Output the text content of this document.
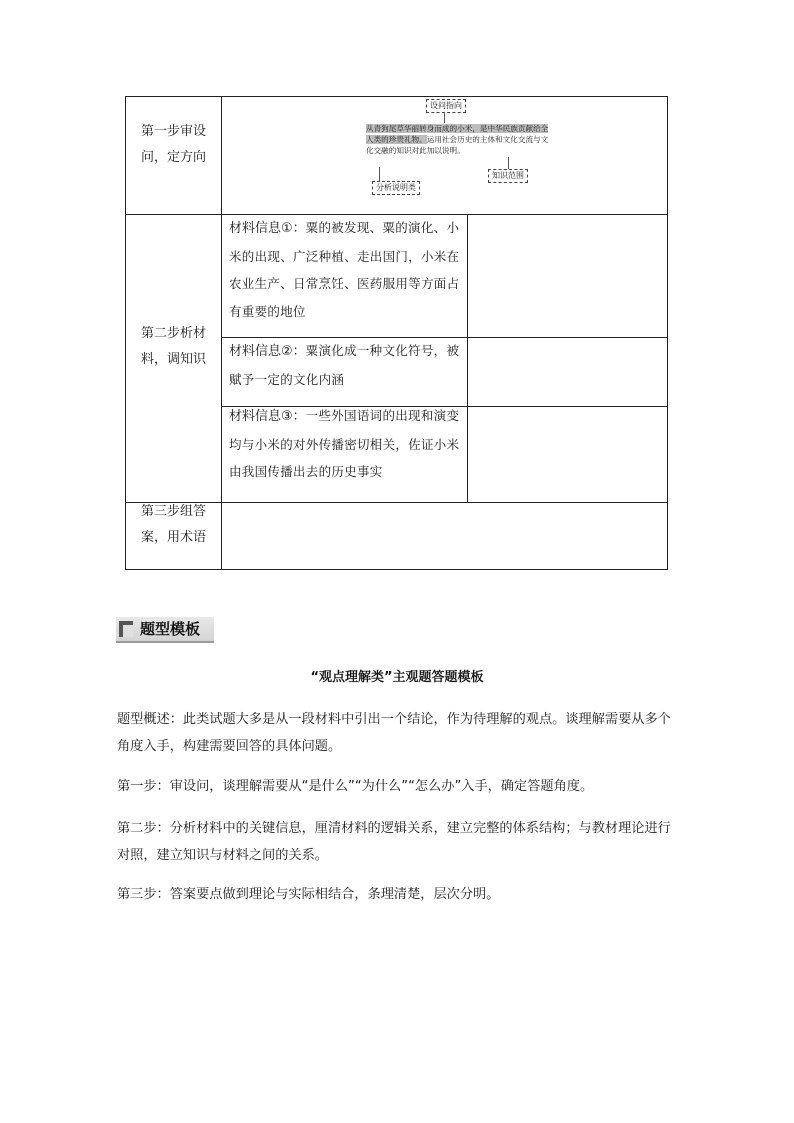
第一步审设问，定方向
第二步析材料，调知识
第三步组答案，用术语
设问指向
从青狗尾草华丽转身而成的小米，是中华民族贡献给全人类的珍贵礼物。运用社会历史的主体和文化交流与文化交融的知识对此加以说明。
分析说明类
知识范围
材料信息①：粟的被发现、粟的演化、小米的出现、广泛种植、走出国门，小米在农业生产、日常烹饪、医药服用等方面占有重要的地位
材料信息②：粟演化成一种文化符号，被赋予一定的文化内涵
材料信息③：一些外国语词的出现和演变均与小米的对外传播密切相关，佐证小米由我国传播出去的历史事实
题型模板
“观点理解类”主观题答题模板
题型概述：此类试题大多是从一段材料中引出一个结论，作为待理解的观点。谈理解需要从多个角度入手，构建需要回答的具体问题。
第一步：审设问，谈理解需要从“是什么”“为什么”“怎么办”入手，确定答题角度。
第二步：分析材料中的关键信息，厘清材料的逻辑关系，建立完整的体系结构；与教材理论进行对照，建立知识与材料之间的关系。
第三步：答案要点做到理论与实际相结合，条理清楚，层次分明。
